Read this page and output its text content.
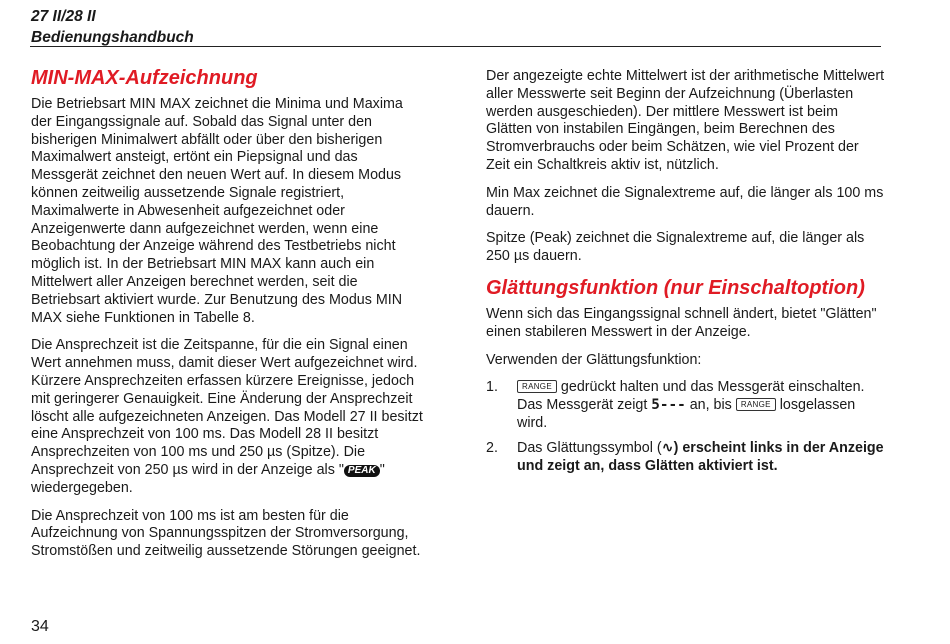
27 II/28 II
Bedienungshandbuch
MIN-MAX-Aufzeichnung

Die Betriebsart MIN MAX zeichnet die Minima und Maxima der Eingangssignale auf. Sobald das Signal unter den bisherigen Minimalwert abfällt oder über den bisherigen Maximalwert ansteigt, ertönt ein Piepsignal und das Messgerät zeichnet den neuen Wert auf. In diesem Modus können zeitweilig aussetzende Signale registriert, Maximalwerte in Abwesenheit aufgezeichnet oder Anzeigenwerte dann aufgezeichnet werden, wenn eine Beobachtung der Anzeige während des Testbetriebs nicht möglich ist. In der Betriebsart MIN MAX kann auch ein Mittelwert aller Anzeigen berechnet werden, seit die Betriebsart aktiviert wurde. Zur Benutzung des Modus MIN MAX siehe Funktionen in Tabelle 8.

Die Ansprechzeit ist die Zeitspanne, für die ein Signal einen Wert annehmen muss, damit dieser Wert aufgezeichnet wird. Kürzere Ansprechzeiten erfassen kürzere Ereignisse, jedoch mit geringerer Genauigkeit. Eine Änderung der Ansprechzeit löscht alle aufgezeichneten Anzeigen. Das Modell 27 II besitzt eine Ansprechzeit von 100 ms. Das Modell 28 II besitzt Ansprechzeiten von 100 ms und 250 µs (Spitze). Die Ansprechzeit von 250 µs wird in der Anzeige als " PEAK " wiedergegeben.

Die Ansprechzeit von 100 ms ist am besten für die Aufzeichnung von Spannungsspitzen der Stromversorgung, Stromstößen und zeitweilig aussetzende Störungen geeignet.

Der angezeigte echte Mittelwert ist der arithmetische Mittelwert aller Messwerte seit Beginn der Aufzeichnung (Überlasten werden ausgeschieden). Der mittlere Messwert ist beim Glätten von instabilen Eingängen, beim Berechnen des Stromverbrauchs oder beim Schätzen, wie viel Prozent der Zeit ein Schaltkreis aktiv ist, nützlich.

Min Max zeichnet die Signalextreme auf, die länger als 100 ms dauern.

Spitze (Peak) zeichnet die Signalextreme auf, die länger als 250 µs dauern.

Glättungsfunktion (nur Einschaltoption)

Wenn sich das Eingangssignal schnell ändert, bietet "Glätten" einen stabileren Messwert in der Anzeige.

Verwenden der Glättungsfunktion:

1.	RANGE gedrückt halten und das Messgerät einschalten. Das Messgerät zeigt 5--- an, bis RANGE losgelassen wird.
2. Das Glättungssymbol (∿) erscheint links in der Anzeige und zeigt an, dass Glätten aktiviert ist.
34
